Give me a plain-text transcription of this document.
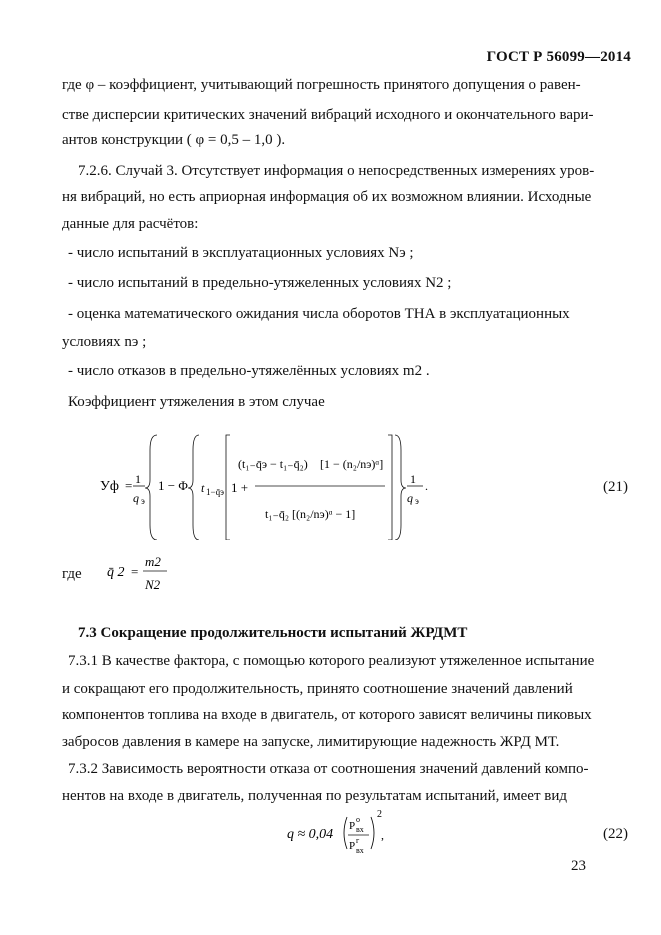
ГОСТ Р 56099—2014
где φ – коэффициент, учитывающий погрешность принятого допущения о равен-
стве дисперсии критических значений вибраций исходного и окончательного вари-
антов конструкции ( φ = 0,5 – 1,0 ).
7.2.6. Случай 3. Отсутствует информация о непосредственных измерениях уров-
ня вибраций, но есть априорная информация об их возможном влиянии. Исходные
данные для расчётов:
- число испытаний в эксплуатационных условиях Nэ ;
- число испытаний в предельно-утяжеленных условиях N2 ;
- оценка математического ожидания числа оборотов ТНА в эксплуатационных
условиях nэ ;
- число отказов в предельно-утяжелённых условиях m2 .
Коэффициент утяжеления в этом случае
Уф = 1
q э
1 − Φ t 1−q̄э 1 +
(t₁₋q̄э − t₁₋q̄₂) [1 − (n₂/nэ)ᵅ]
t₁₋q̄₂ [(n₂/nэ)ᵅ − 1]
1
q э
.	(21)
где q̄ 2 =
m2
N2
7.3 Сокращение продолжительности испытаний ЖРДМТ
7.3.1 В качестве фактора, с помощью которого реализуют утяжеленное испытание
и сокращают его продолжительность, принято соотношение значений давлений
компонентов топлива на входе в двигатель, от которого зависят величины пиковых
забросов давления в камере на запуске, лимитирующие надежность ЖРД МТ.
7.3.2 Зависимость вероятности отказа от соотношения значений давлений компо-
нентов на входе в двигатель, полученная по результатам испытаний, имеет вид
q ≈ 0,04
P
о
вх
P г
вх
2
,	(22)
23
